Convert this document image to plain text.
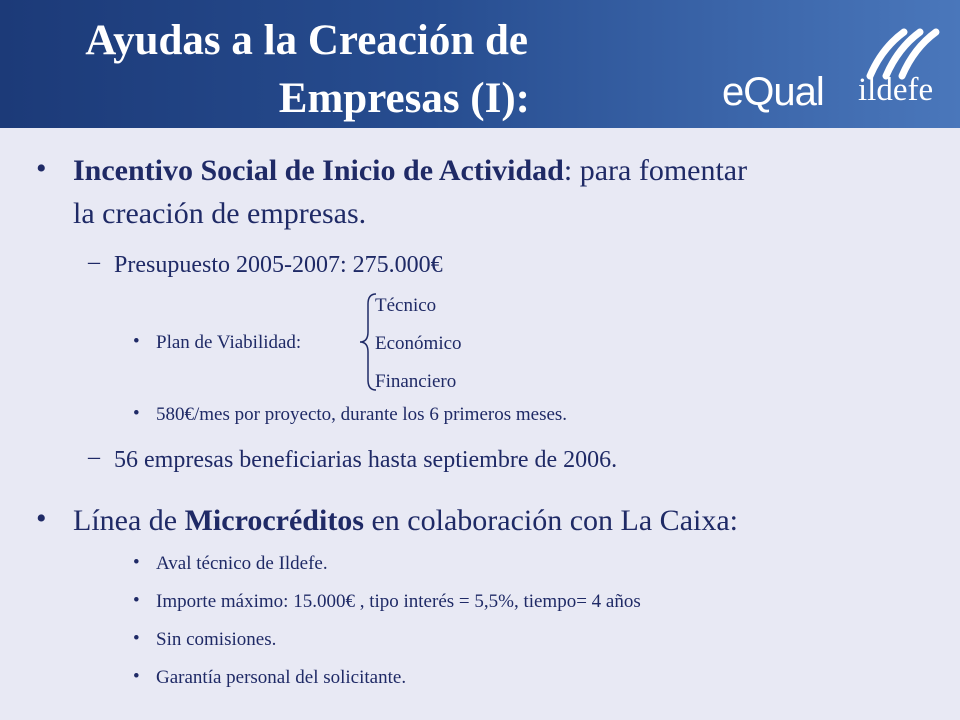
Ayudas a la Creación de
Empresas (I):	eQual ildefe
• Incentivo Social de Inicio de Actividad: para fomentar
la creación de empresas.
– Presupuesto 2005-2007: 275.000€
• Plan de Viabilidad:
Técnico
Económico
Financiero
• 580€/mes por proyecto, durante los 6 primeros meses.
– 56 empresas beneficiarias hasta septiembre de 2006.
• Línea de Microcréditos en colaboración con La Caixa:
• Aval técnico de Ildefe.
• Importe máximo: 15.000€ , tipo interés = 5,5%, tiempo= 4 años
• Sin comisiones.
• Garantía personal del solicitante.
